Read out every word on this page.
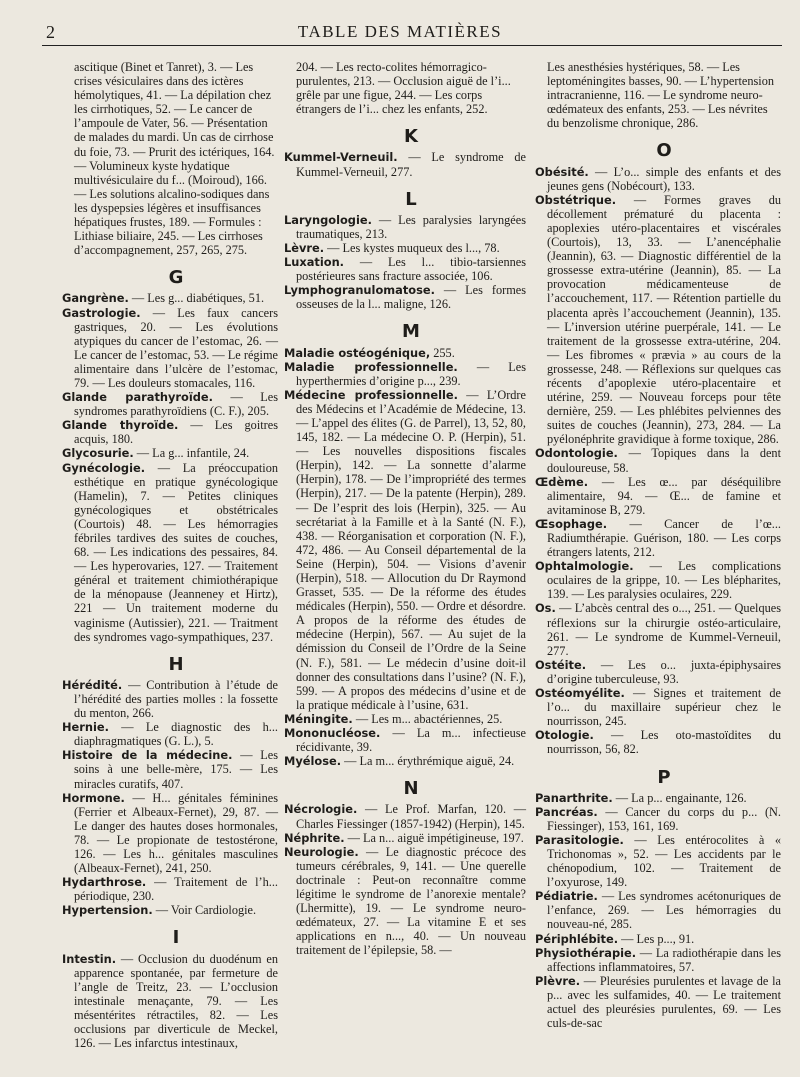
2	TABLE DES MATIÈRES

ascitique (Binet et Tanret), 3. — Les crises vésiculaires dans des ictères hémolytiques, 41. — La dépilation chez les cirrhotiques, 52. — Le cancer de l’ampoule de Vater, 56. — Présentation de malades du mardi. Un cas de cirrhose du foie, 73. — Prurit des ictériques, 164. — Volumineux kyste hydatique multivésiculaire du f... (Moiroud), 166. — Les solutions alcalino-sodiques dans les dyspepsies légères et insuffisances hépatiques frustes, 189. — Formules : Lithiase biliaire, 245. — Les cirrhoses d’accompagnement, 257, 265, 275.

G

Gangrène. — Les g... diabétiques, 51.

Gastrologie. — Les faux cancers gastriques, 20. — Les évolutions atypiques du cancer de l’estomac, 26. — Le cancer de l’estomac, 53. — Le régime alimentaire dans l’ulcère de l’estomac, 79. — Les douleurs stomacales, 116.

Glande parathyroïde. — Les syndromes parathyroïdiens (C. F.), 205.

Glande thyroïde. — Les goitres acquis, 180.

Glycosurie. — La g... infantile, 24.

Gynécologie. — La préoccupation esthétique en pratique gynécologique (Hamelin), 7. — Petites cliniques gynécologiques et obstétricales (Courtois) 48. — Les hémorragies fébriles tardives des suites de couches, 68. — Les indications des pessaires, 84. — Les hyperovaries, 127. — Traitement général et traitement chimiothérapique de la ménopause (Jeanneney et Hirtz), 221 — Un traitement moderne du vaginisme (Autissier), 221. — Traitment des syndromes vago-sympathiques, 237.

H

Hérédité. — Contribution à l’étude de l’hérédité des parties molles : la fossette du menton, 266.

Hernie. — Le diagnostic des h... diaphragmatiques (G. L.), 5.

Histoire de la médecine. — Les soins à une belle-mère, 175. — Les miracles curatifs, 407.

Hormone. — H... génitales féminines (Ferrier et Albeaux-Fernet), 29, 87. — Le danger des hautes doses hormonales, 78. — Le propionate de testostérone, 126. — Les h... génitales masculines (Albeaux-Fernet), 241, 250.

Hydarthrose. — Traitement de l’h... périodique, 230.

Hypertension. — Voir Cardiologie.

I

Intestin. — Occlusion du duodénum en apparence spontanée, par fermeture de l’angle de Treitz, 23. — L’occlusion intestinale menaçante, 79. — Les mésentérites rétractiles, 82. — Les occlusions par diverticule de Meckel, 126. — Les infarctus intestinaux,

204. — Les recto-colites hémorragico-purulentes, 213. — Occlusion aiguë de l’i... grêle par une figue, 244. — Les corps étrangers de l’i... chez les enfants, 252.

K

Kummel-Verneuil. — Le syndrome de Kummel-Verneuil, 277.

L

Laryngologie. — Les paralysies laryngées traumatiques, 213.

Lèvre. — Les kystes muqueux des l..., 78.

Luxation. — Les l... tibio-tarsiennes postérieures sans fracture associée, 106.

Lymphogranulomatose. — Les formes osseuses de la l... maligne, 126.

M

Maladie ostéogénique, 255.

Maladie professionnelle. — Les hyperthermies d’origine p..., 239.

Médecine professionnelle. — L’Ordre des Médecins et l’Académie de Médecine, 13. — L’appel des élites (G. de Parrel), 13, 52, 80, 145, 182. — La médecine O. P. (Herpin), 51. — Les nouvelles dispositions fiscales (Herpin), 142. — La sonnette d’alarme (Herpin), 178. — De l’impropriété des termes (Herpin), 217. — De la patente (Herpin), 289. — De l’esprit des lois (Herpin), 325. — Au secrétariat à la Famille et à la Santé (N. F.), 438. — Réorganisation et corporation (N. F.), 472, 486. — Au Conseil départemental de la Seine (Herpin), 504. — Visions d’avenir (Herpin), 518. — Allocution du Dr Raymond Grasset, 535. — De la réforme des études médicales (Herpin), 550. — Ordre et désordre. A propos de la réforme des études de médecine (Herpin), 567. — Au sujet de la démission du Conseil de l’Ordre de la Seine (N. F.), 581. — Le médecin d’usine doit-il donner des consultations dans l’usine? (N. F.), 599. — A propos des médecins d’usine et de la pratique médicale à l’usine, 631.

Méningite. — Les m... abactériennes, 25.

Mononucléose. — La m... infectieuse récidivante, 39.

Myélose. — La m... érythrémique aiguë, 24.

N

Nécrologie. — Le Prof. Marfan, 120. — Charles Fiessinger (1857-1942) (Herpin), 145.

Néphrite. — La n... aiguë impétigineuse, 197.

Neurologie. — Le diagnostic précoce des tumeurs cérébrales, 9, 141. — Une querelle doctrinale : Peut-on reconnaître comme légitime le syndrome de l’anorexie mentale? (Lhermitte), 19. — Le syndrome neuro-œdémateux, 27. — La vitamine E et ses applications en n..., 40. — Un nouveau traitement de l’épilepsie, 58. —

Les anesthésies hystériques, 58. — Les leptoméningites basses, 90. — L’hypertension intracranienne, 116. — Le syndrome neuro-œdémateux des enfants, 253. — Les névrites du benzolisme chronique, 286.

O

Obésité. — L’o... simple des enfants et des jeunes gens (Nobécourt), 133.

Obstétrique. — Formes graves du décollement prématuré du placenta : apoplexies utéro-placentaires et viscérales (Courtois), 13, 33. — L’anencéphalie (Jeannin), 63. — Diagnostic différentiel de la grossesse extra-utérine (Jeannin), 85. — La provocation médicamenteuse de l’accouchement, 117. — Rétention partielle du placenta après l’accouchement (Jeannin), 135. — L’inversion utérine puerpérale, 141. — Le traitement de la grossesse extra-utérine, 204. — Les fibromes « prævia » au cours de la grossesse, 248. — Réflexions sur quelques cas récents d’apoplexie utéro-placentaire et utérine, 259. — Nouveau forceps pour tête dernière, 259. — Les phlébites pelviennes des suites de couches (Jeannin), 273, 284. — La pyélonéphrite gravidique à forme toxique, 286.

Odontologie. — Topiques dans la dent douloureuse, 58.

Œdème. — Les œ... par déséquilibre alimentaire, 94. — Œ... de famine et avitaminose B, 279.

Œsophage. — Cancer de l’œ... Radiumthérapie. Guérison, 180. — Les corps étrangers latents, 212.

Ophtalmologie. — Les complications oculaires de la grippe, 10. — Les blépharites, 139. — Les paralysies oculaires, 229.

Os. — L’abcès central des o..., 251. — Quelques réflexions sur la chirurgie ostéo-articulaire, 261. — Le syndrome de Kummel-Verneuil, 277.

Ostéite. — Les o... juxta-épiphysaires d’origine tuberculeuse, 93.

Ostéomyélite. — Signes et traitement de l’o... du maxillaire supérieur chez le nourrisson, 245.

Otologie. — Les oto-mastoïdites du nourrisson, 56, 82.

P

Panarthrite. — La p... engainante, 126.

Pancréas. — Cancer du corps du p... (N. Fiessinger), 153, 161, 169.

Parasitologie. — Les entérocolites à « Trichonomas », 52. — Les accidents par le chénopodium, 102. — Traitement de l’oxyurose, 149.

Pédiatrie. — Les syndromes acétonuriques de l’enfance, 269. — Les hémorragies du nouveau-né, 285.

Périphlébite. — Les p..., 91.

Physiothérapie. — La radiothérapie dans les affections inflammatoires, 57.

Plèvre. — Pleurésies purulentes et lavage de la p... avec les sulfamides, 40. — Le traitement actuel des pleurésies purulentes, 69. — Les culs-de-sac
